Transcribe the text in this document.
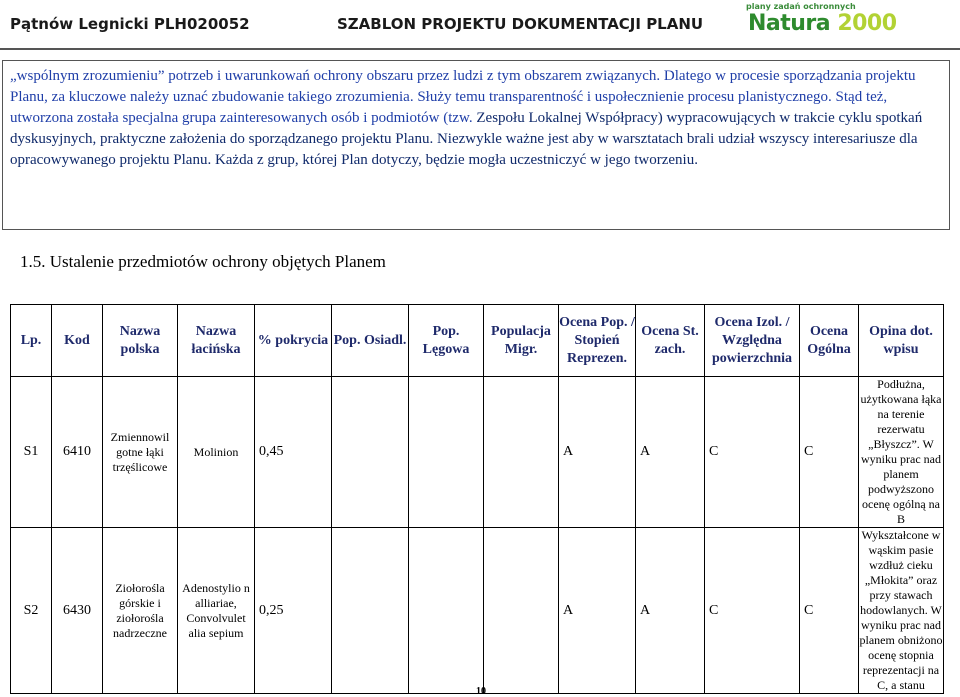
Pątnów Legnicki PLH020052	SZABLON PROJEKTU DOKUMENTACJI PLANU
plany zadań ochronnych
Natura 2000
„wspólnym zrozumieniu” potrzeb i uwarunkowań ochrony obszaru przez ludzi z tym obszarem związanych. Dlatego w procesie sporządzania projektu Planu, za kluczowe należy uznać zbudowanie takiego zrozumienia. Służy temu transparentność i uspołecznienie procesu planistycznego. Stąd też, utworzona została specjalna grupa zainteresowanych osób i podmiotów (tzw. Zespołu Lokalnej Współpracy) wypracowujących w trakcie cyklu spotkań dyskusyjnych, praktyczne założenia do sporządzanego projektu Planu. Niezwykle ważne jest aby w warsztatach brali udział wszyscy interesariusze dla opracowywanego projektu Planu. Każda z grup, której Plan dotyczy, będzie mogła uczestniczyć w jego tworzeniu.
1.5. Ustalenie przedmiotów ochrony objętych Planem
Lp.	Kod	Nazwa polska	Nazwa łacińska	% pokrycia	Pop. Osiadl.	Pop. Lęgowa	Populacja Migr.	Ocena Pop. / Stopień Reprezen.	Ocena St. zach.	Ocena Izol. / Względna powierzchnia	Ocena Ogólna	Opina dot. wpisu
S1	6410	Zmiennowil gotne łąki trzęślicowe	Molinion	0,45				A	A	C	C	Podłużna, użytkowana łąka na terenie rezerwatu „Błyszcz”. W wyniku prac nad planem podwyższono ocenę ogólną na B
S2	6430	Ziołorośla górskie i ziołorośla nadrzeczne	Adenostylio n alliariae, Convolvulet alia sepium	0,25				A	A	C	C	Wykształcone w wąskim pasie wzdłuż cieku „Młokita” oraz przy stawach hodowlanych. W wyniku prac nad planem obniżono ocenę stopnia reprezentacji na C, a stanu
10
